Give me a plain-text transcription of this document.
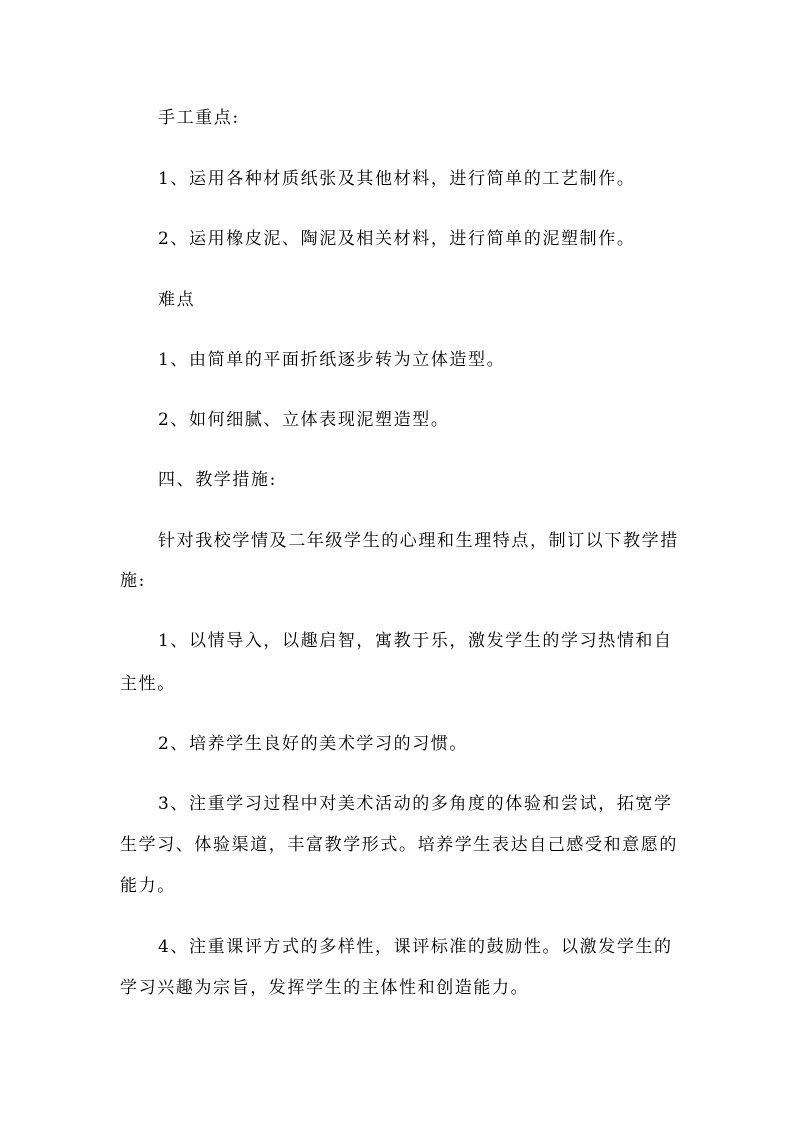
手工重点:
1、运用各种材质纸张及其他材料，进行简单的工艺制作。
2、运用橡皮泥、陶泥及相关材料，进行简单的泥塑制作。
难点
1、由简单的平面折纸逐步转为立体造型。
2、如何细腻、立体表现泥塑造型。
四、教学措施:
针对我校学情及二年级学生的心理和生理特点，制订以下教学措
施:
1、以情导入，以趣启智，寓教于乐，激发学生的学习热情和自
主性。
2、培养学生良好的美术学习的习惯。
3、注重学习过程中对美术活动的多角度的体验和尝试，拓宽学
生学习、体验渠道，丰富教学形式。培养学生表达自己感受和意愿的
能力。
4、注重课评方式的多样性，课评标准的鼓励性。以激发学生的
学习兴趣为宗旨，发挥学生的主体性和创造能力。
